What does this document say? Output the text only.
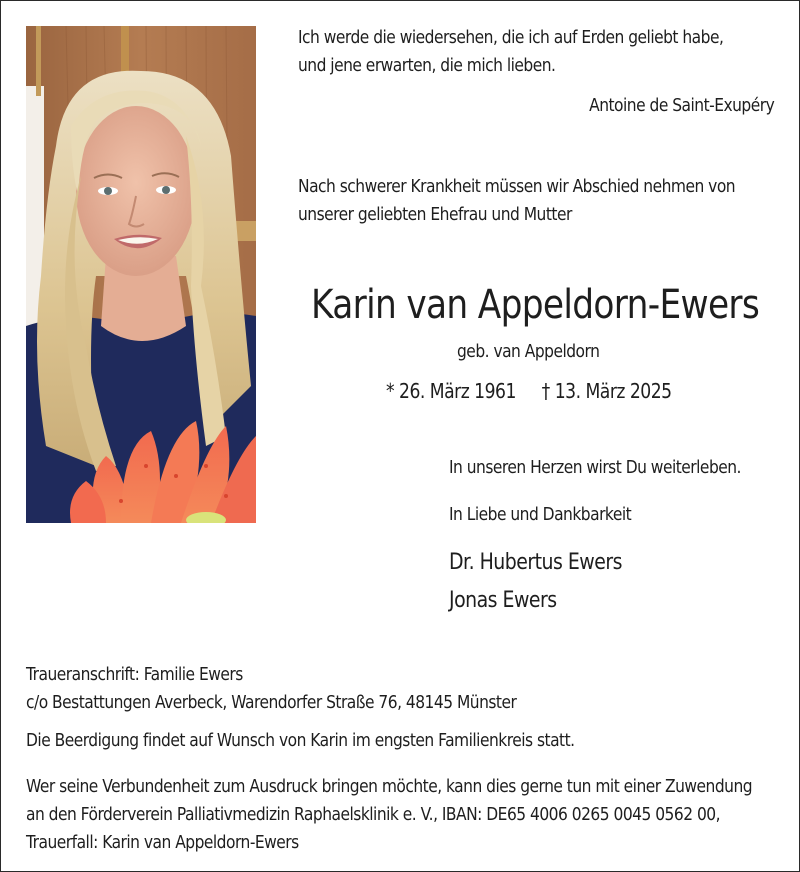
Ich werde die wiedersehen, die ich auf Erden geliebt habe,
und jene erwarten, die mich lieben.
Antoine de Saint-Exupéry
Nach schwerer Krankheit müssen wir Abschied nehmen von
unserer geliebten Ehefrau und Mutter
Karin van Appeldorn-Ewers
geb. van Appeldorn
* 26. März 1961 † 13. März 2025
In unseren Herzen wirst Du weiterleben.
In Liebe und Dankbarkeit
Dr. Hubertus Ewers
Jonas Ewers
Traueranschrift: Familie Ewers
c/o Bestattungen Averbeck, Warendorfer Straße 76, 48145 Münster
Die Beerdigung findet auf Wunsch von Karin im engsten Familienkreis statt.
Wer seine Verbundenheit zum Ausdruck bringen möchte, kann dies gerne tun mit einer Zuwendung
an den Förderverein Palliativmedizin Raphaelsklinik e. V., IBAN: DE65 4006 0265 0045 0562 00,
Trauerfall: Karin van Appeldorn-Ewers
